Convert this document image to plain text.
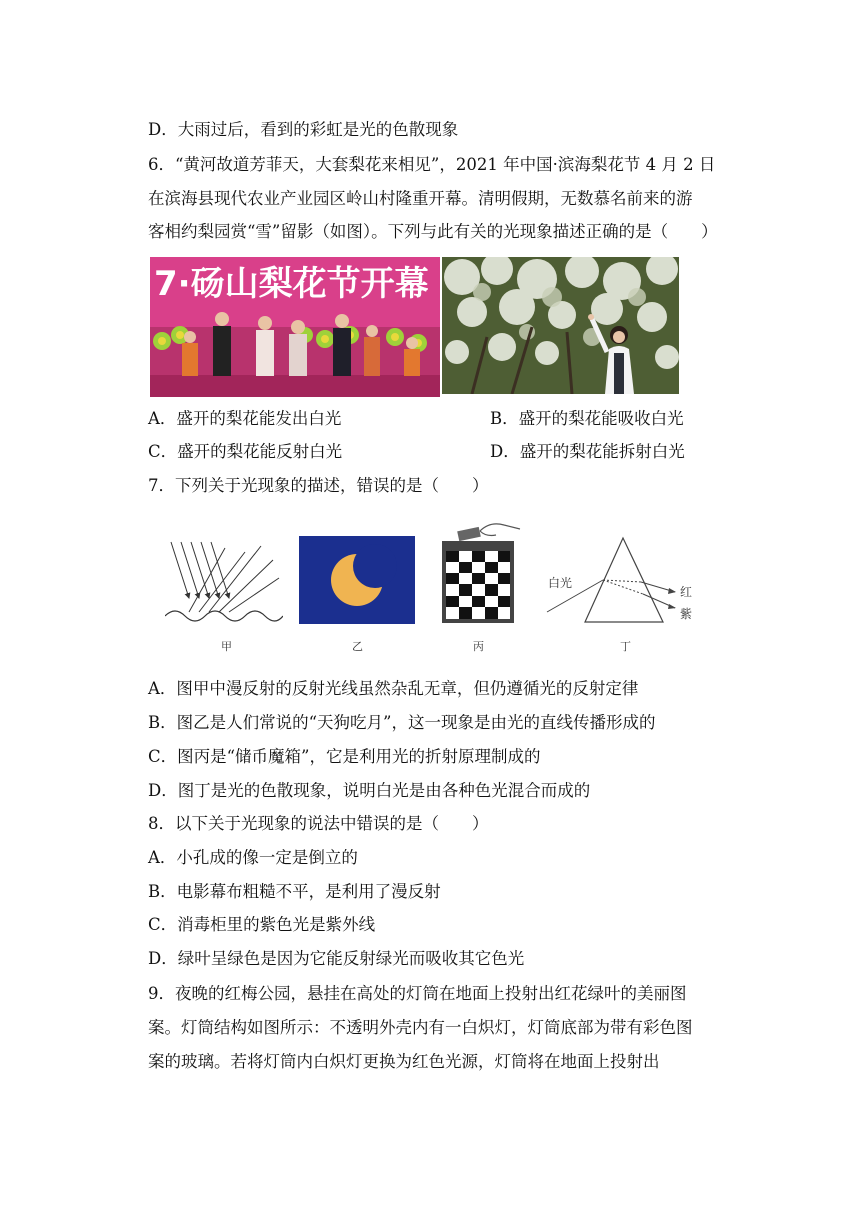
D．大雨过后，看到的彩虹是光的色散现象
6．“黄河故道芳菲天，大套梨花来相见”，2021 年中国·滨海梨花节 4 月 2 日
在滨海县现代农业产业园区岭山村隆重开幕。清明假期，无数慕名前来的游
客相约梨园赏“雪”留影（如图）。下列与此有关的光现象描述正确的是（　　）
7·砀山梨花节开幕
A．盛开的梨花能发出白光	B．盛开的梨花能吸收白光
C．盛开的梨花能反射白光	D．盛开的梨花能拆射白光
7．下列关于光现象的描述，错误的是（　　）
甲	乙	丙
白光
红
紫
丁
A．图甲中漫反射的反射光线虽然杂乱无章，但仍遵循光的反射定律
B．图乙是人们常说的“天狗吃月”，这一现象是由光的直线传播形成的
C．图丙是“储币魔箱”，它是利用光的折射原理制成的
D．图丁是光的色散现象，说明白光是由各种色光混合而成的
8．以下关于光现象的说法中错误的是（　　）
A．小孔成的像一定是倒立的
B．电影幕布粗糙不平，是利用了漫反射
C．消毒柜里的紫色光是紫外线
D．绿叶呈绿色是因为它能反射绿光而吸收其它色光
9．夜晚的红梅公园，悬挂在高处的灯筒在地面上投射出红花绿叶的美丽图
案。灯筒结构如图所示：不透明外壳内有一白炽灯，灯筒底部为带有彩色图
案的玻璃。若将灯筒内白炽灯更换为红色光源，灯筒将在地面上投射出
